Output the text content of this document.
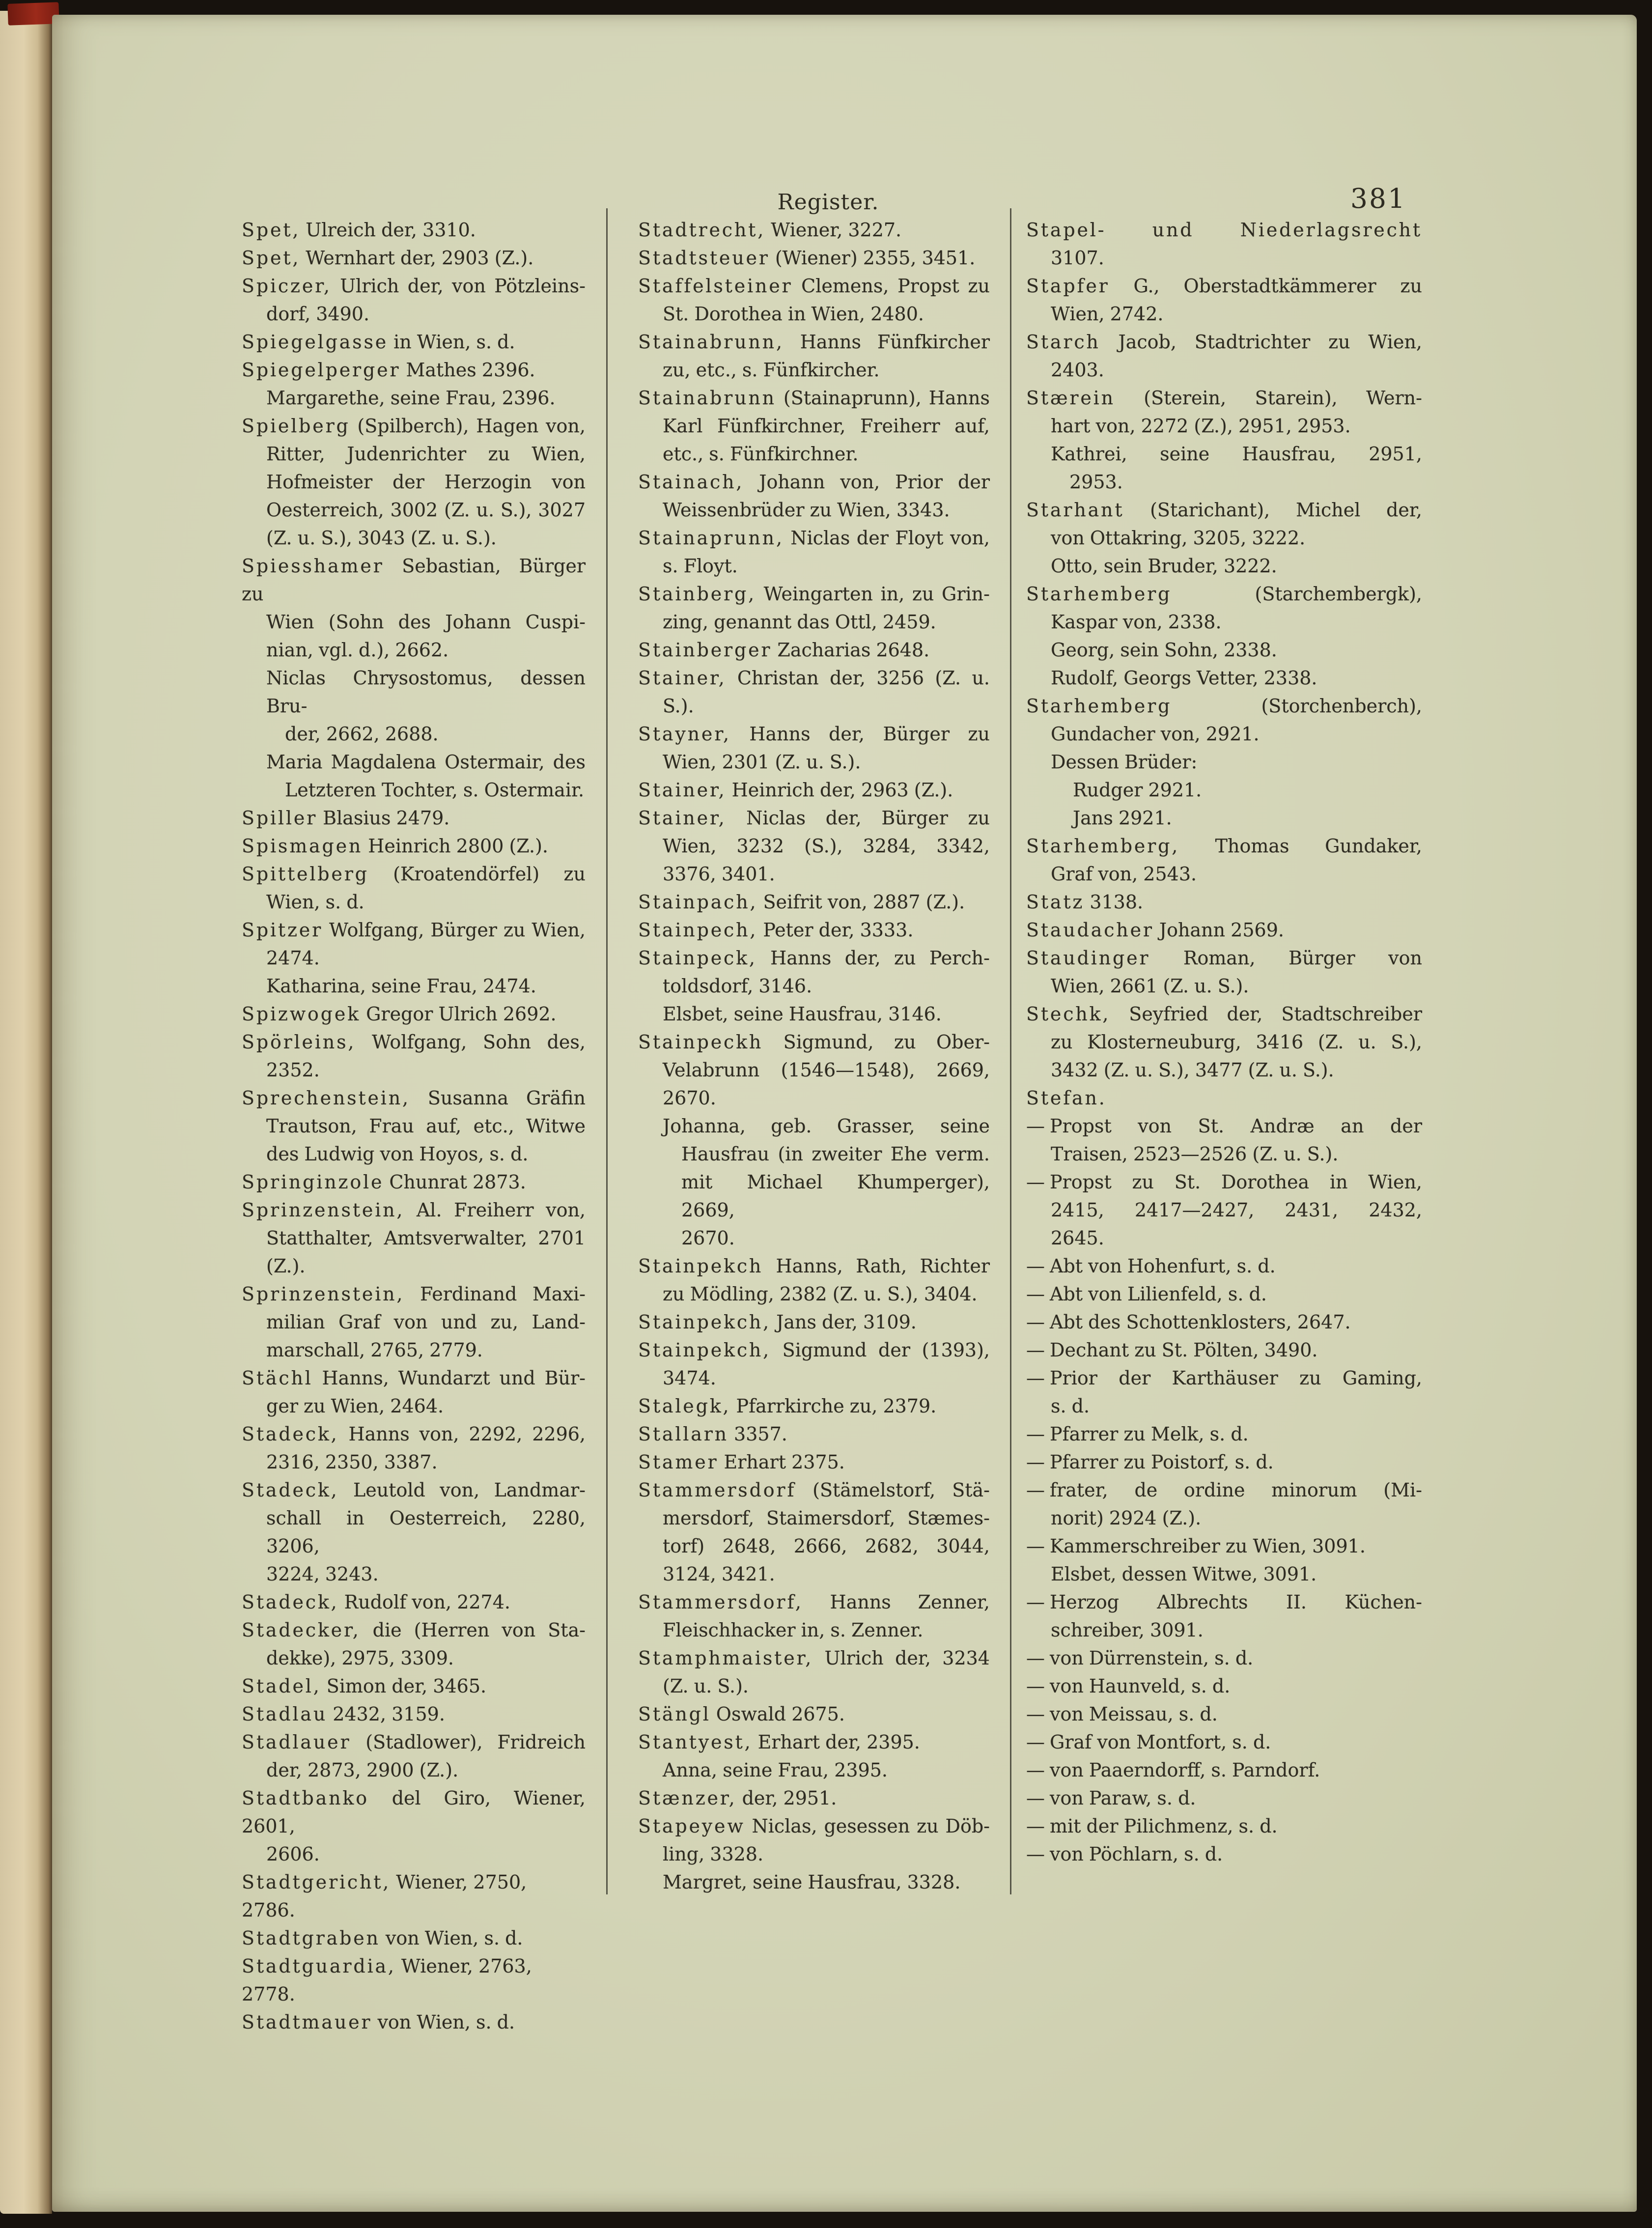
Register.	381
Spet, Ulreich der, 3310.
Spet, Wernhart der, 2903 (Z.).
Spiczer, Ulrich der, von Pötzleins-
dorf, 3490.
Spiegelgasse in Wien, s. d.
Spiegelperger Mathes 2396.
Margarethe, seine Frau, 2396.
Spielberg (Spilberch), Hagen von,
Ritter, Judenrichter zu Wien,
Hofmeister der Herzogin von
Oesterreich, 3002 (Z. u. S.), 3027
(Z. u. S.), 3043 (Z. u. S.).
Spiesshamer Sebastian, Bürger zu
Wien (Sohn des Johann Cuspi-
nian, vgl. d.), 2662.
Niclas Chrysostomus, dessen Bru-
der, 2662, 2688.
Maria Magdalena Ostermair, des
Letzteren Tochter, s. Ostermair.
Spiller Blasius 2479.
Spismagen Heinrich 2800 (Z.).
Spittelberg (Kroatendörfel) zu
Wien, s. d.
Spitzer Wolfgang, Bürger zu Wien,
2474.
Katharina, seine Frau, 2474.
Spizwogek Gregor Ulrich 2692.
Spörleins, Wolfgang, Sohn des,
2352.
Sprechenstein, Susanna Gräfin
Trautson, Frau auf, etc., Witwe
des Ludwig von Hoyos, s. d.
Springinzole Chunrat 2873.
Sprinzenstein, Al. Freiherr von,
Statthalter, Amtsverwalter, 2701
(Z.).
Sprinzenstein, Ferdinand Maxi-
milian Graf von und zu, Land-
marschall, 2765, 2779.
Stächl Hanns, Wundarzt und Bür-
ger zu Wien, 2464.
Stadeck, Hanns von, 2292, 2296,
2316, 2350, 3387.
Stadeck, Leutold von, Landmar-
schall in Oesterreich, 2280, 3206,
3224, 3243.
Stadeck, Rudolf von, 2274.
Stadecker, die (Herren von Sta-
dekke), 2975, 3309.
Stadel, Simon der, 3465.
Stadlau 2432, 3159.
Stadlauer (Stadlower), Fridreich
der, 2873, 2900 (Z.).
Stadtbanko del Giro, Wiener, 2601,
2606.
Stadtgericht, Wiener, 2750, 2786.
Stadtgraben von Wien, s. d.
Stadtguardia, Wiener, 2763, 2778.
Stadtmauer von Wien, s. d.
Stadtrecht, Wiener, 3227.
Stadtsteuer (Wiener) 2355, 3451.
Staffelsteiner Clemens, Propst zu
St. Dorothea in Wien, 2480.
Stainabrunn, Hanns Fünfkircher
zu, etc., s. Fünfkircher.
Stainabrunn (Stainaprunn), Hanns
Karl Fünfkirchner, Freiherr auf,
etc., s. Fünfkirchner.
Stainach, Johann von, Prior der
Weissenbrüder zu Wien, 3343.
Stainaprunn, Niclas der Floyt von,
s. Floyt.
Stainberg, Weingarten in, zu Grin-
zing, genannt das Ottl, 2459.
Stainberger Zacharias 2648.
Stainer, Christan der, 3256 (Z. u.
S.).
Stayner, Hanns der, Bürger zu
Wien, 2301 (Z. u. S.).
Stainer, Heinrich der, 2963 (Z.).
Stainer, Niclas der, Bürger zu
Wien, 3232 (S.), 3284, 3342,
3376, 3401.
Stainpach, Seifrit von, 2887 (Z.).
Stainpech, Peter der, 3333.
Stainpeck, Hanns der, zu Perch-
toldsdorf, 3146.
Elsbet, seine Hausfrau, 3146.
Stainpeckh Sigmund, zu Ober-
Velabrunn (1546—1548), 2669,
2670.
Johanna, geb. Grasser, seine
Hausfrau (in zweiter Ehe verm.
mit Michael Khumperger), 2669,
2670.
Stainpekch Hanns, Rath, Richter
zu Mödling, 2382 (Z. u. S.), 3404.
Stainpekch, Jans der, 3109.
Stainpekch, Sigmund der (1393),
3474.
Stalegk, Pfarrkirche zu, 2379.
Stallarn 3357.
Stamer Erhart 2375.
Stammersdorf (Stämelstorf, Stä-
mersdorf, Staimersdorf, Stæmes-
torf) 2648, 2666, 2682, 3044,
3124, 3421.
Stammersdorf, Hanns Zenner,
Fleischhacker in, s. Zenner.
Stamphmaister, Ulrich der, 3234
(Z. u. S.).
Stängl Oswald 2675.
Stantyest, Erhart der, 2395.
Anna, seine Frau, 2395.
Stænzer, der, 2951.
Stapeyew Niclas, gesessen zu Döb-
ling, 3328.
Margret, seine Hausfrau, 3328.
Stapel- und Niederlagsrecht
3107.
Stapfer G., Oberstadtkämmerer zu
Wien, 2742.
Starch Jacob, Stadtrichter zu Wien,
2403.
Stærein (Sterein, Starein), Wern-
hart von, 2272 (Z.), 2951, 2953.
Kathrei, seine Hausfrau, 2951,
2953.
Starhant (Starichant), Michel der,
von Ottakring, 3205, 3222.
Otto, sein Bruder, 3222.
Starhemberg (Starchembergk),
Kaspar von, 2338.
Georg, sein Sohn, 2338.
Rudolf, Georgs Vetter, 2338.
Starhemberg (Storchenberch),
Gundacher von, 2921.
Dessen Brüder:
Rudger 2921.
Jans 2921.
Starhemberg, Thomas Gundaker,
Graf von, 2543.
Statz 3138.
Staudacher Johann 2569.
Staudinger Roman, Bürger von
Wien, 2661 (Z. u. S.).
Stechk, Seyfried der, Stadtschreiber
zu Klosterneuburg, 3416 (Z. u. S.),
3432 (Z. u. S.), 3477 (Z. u. S.).
Stefan.
— Propst von St. Andræ an der
Traisen, 2523—2526 (Z. u. S.).
— Propst zu St. Dorothea in Wien,
2415, 2417—2427, 2431, 2432,
2645.
— Abt von Hohenfurt, s. d.
— Abt von Lilienfeld, s. d.
— Abt des Schottenklosters, 2647.
— Dechant zu St. Pölten, 3490.
— Prior der Karthäuser zu Gaming,
s. d.
— Pfarrer zu Melk, s. d.
— Pfarrer zu Poistorf, s. d.
— frater, de ordine minorum (Mi-
norit) 2924 (Z.).
— Kammerschreiber zu Wien, 3091.
Elsbet, dessen Witwe, 3091.
— Herzog Albrechts II. Küchen-
schreiber, 3091.
— von Dürrenstein, s. d.
— von Haunveld, s. d.
— von Meissau, s. d.
— Graf von Montfort, s. d.
— von Paaerndorff, s. Parndorf.
— von Paraw, s. d.
— mit der Pilichmenz, s. d.
— von Pöchlarn, s. d.
